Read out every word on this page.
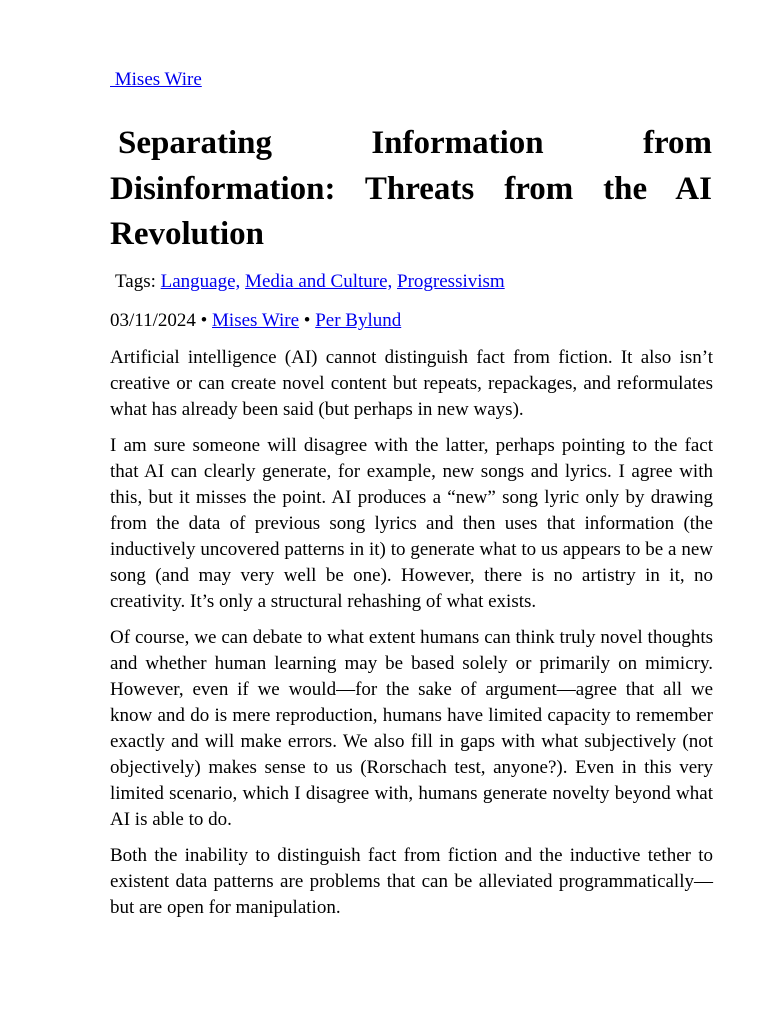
Mises Wire
Separating Information from Disinformation: Threats from the AI Revolution
Tags: Language, Media and Culture, Progressivism
03/11/2024 • Mises Wire • Per Bylund

Artificial intelligence (AI) cannot distinguish fact from fiction. It also isn’t creative or can create novel content but repeats, repackages, and reformulates what has already been said (but perhaps in new ways).

I am sure someone will disagree with the latter, perhaps pointing to the fact that AI can clearly generate, for example, new songs and lyrics. I agree with this, but it misses the point. AI produces a “new” song lyric only by drawing from the data of previous song lyrics and then uses that information (the inductively uncovered patterns in it) to generate what to us appears to be a new song (and may very well be one). However, there is no artistry in it, no creativity. It’s only a structural rehashing of what exists.

Of course, we can debate to what extent humans can think truly novel thoughts and whether human learning may be based solely or primarily on mimicry. However, even if we would—for the sake of argument—agree that all we know and do is mere reproduction, humans have limited capacity to remember exactly and will make errors. We also fill in gaps with what subjectively (not objectively) makes sense to us (Rorschach test, anyone?). Even in this very limited scenario, which I disagree with, humans generate novelty beyond what AI is able to do.

Both the inability to distinguish fact from fiction and the inductive tether to existent data patterns are problems that can be alleviated programmatically—but are open for manipulation.
